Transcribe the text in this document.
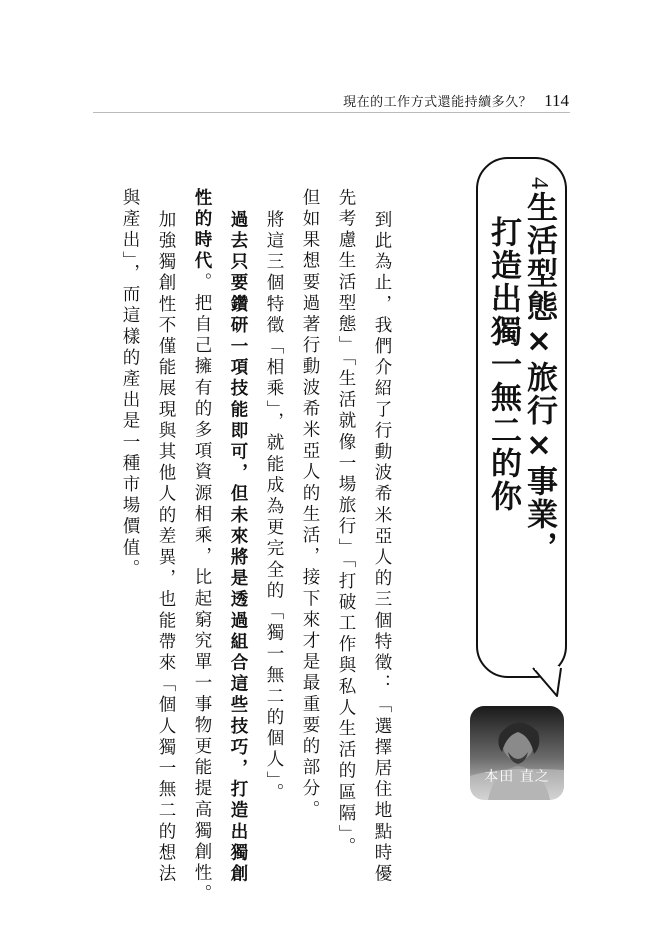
現在的工作方式還能持續多久？ 114
4生活型態×旅行×事業，
打造出獨一無二的你
本田 直之
到此為止，我們介紹了行動波希米亞人的三個特徵：「選擇居住地點時優
先考慮生活型態」「生活就像一場旅行」「打破工作與私人生活的區隔」。
但如果想要過著行動波希米亞人的生活，接下來才是最重要的部分。
將這三個特徵「相乘」，就能成為更完全的「獨一無二的個人」。
過去只要鑽研一項技能即可，但未來將是透過組合這些技巧，打造出獨創
性的時代。把自己擁有的多項資源相乘，比起窮究單一事物更能提高獨創性。
加強獨創性不僅能展現與其他人的差異，也能帶來「個人獨一無二的想法
與產出」，而這樣的產出是一種市場價值。
